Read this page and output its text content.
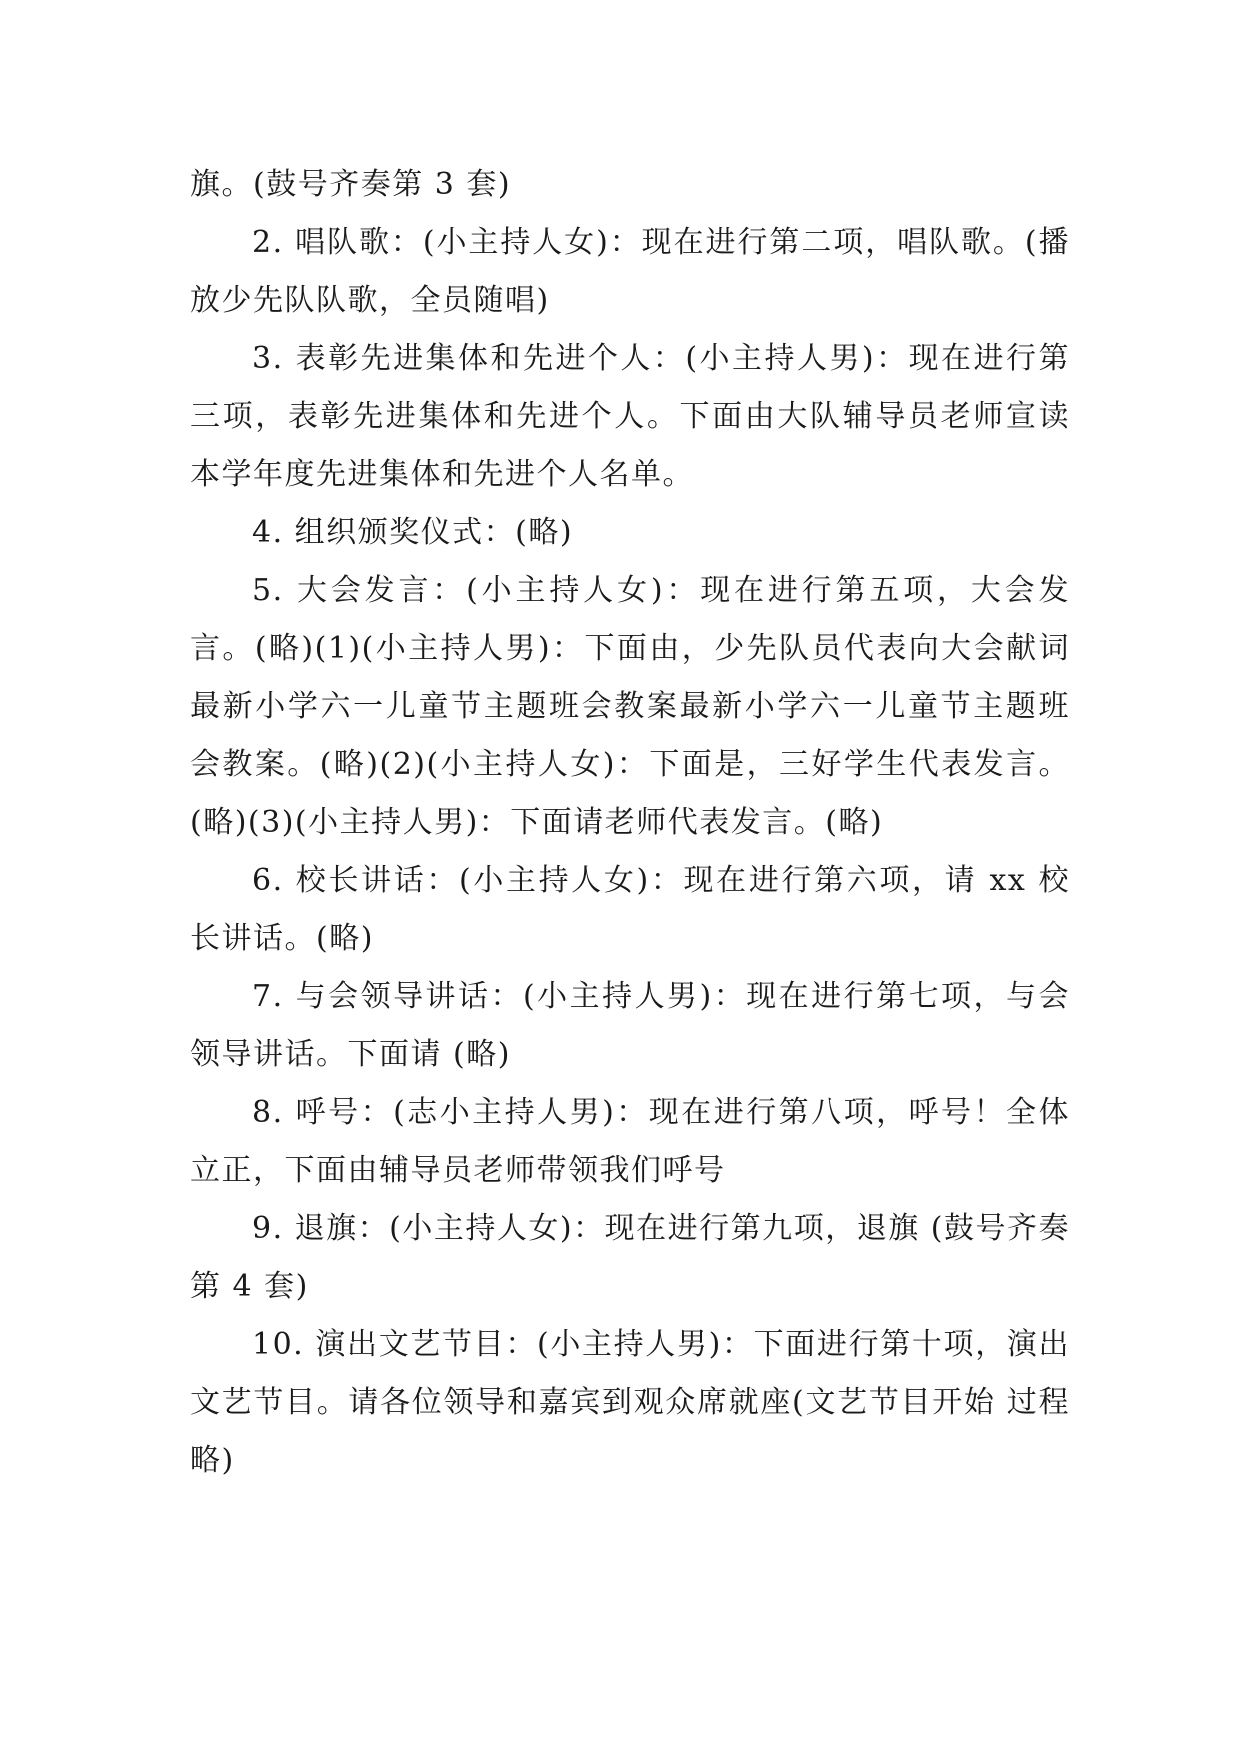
旗。(鼓号齐奏第 3 套)

2. 唱队歌：(小主持人女)：现在进行第二项，唱队歌。(播放少先队队歌，全员随唱)

3. 表彰先进集体和先进个人：(小主持人男)：现在进行第三项，表彰先进集体和先进个人。下面由大队辅导员老师宣读本学年度先进集体和先进个人名单。

4. 组织颁奖仪式：(略)

5. 大会发言：(小主持人女)：现在进行第五项，大会发言。(略)(1)(小主持人男)：下面由，少先队员代表向大会献词最新小学六一儿童节主题班会教案最新小学六一儿童节主题班会教案。(略)(2)(小主持人女)：下面是，三好学生代表发言。(略)(3)(小主持人男)：下面请老师代表发言。(略)

6. 校长讲话：(小主持人女)：现在进行第六项，请 xx 校长讲话。(略)

7. 与会领导讲话：(小主持人男)：现在进行第七项，与会领导讲话。下面请 (略)

8. 呼号：(志小主持人男)：现在进行第八项，呼号！全体立正，下面由辅导员老师带领我们呼号

9. 退旗：(小主持人女)：现在进行第九项，退旗 (鼓号齐奏 第 4 套)

10. 演出文艺节目：(小主持人男)：下面进行第十项，演出文艺节目。请各位领导和嘉宾到观众席就座(文艺节目开始 过程略)
